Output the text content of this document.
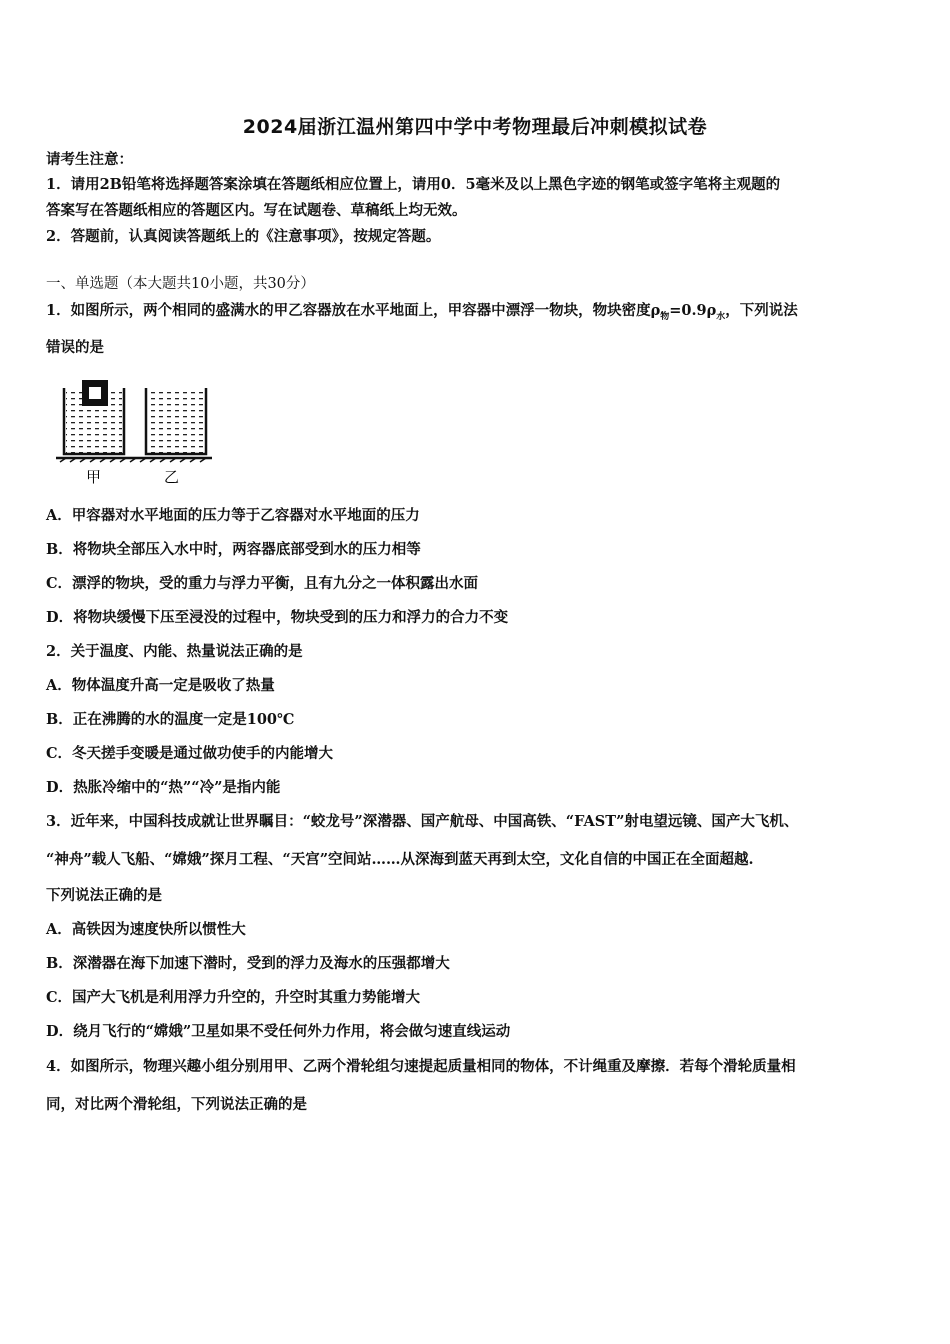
2024届浙江温州第四中学中考物理最后冲刺模拟试卷
请考生注意：
1．请用2B铅笔将选择题答案涂填在答题纸相应位置上，请用0．5毫米及以上黑色字迹的钢笔或签字笔将主观题的
答案写在答题纸相应的答题区内。写在试题卷、草稿纸上均无效。
2．答题前，认真阅读答题纸上的《注意事项》，按规定答题。
一、单选题（本大题共10小题，共30分）
1．如图所示，两个相同的盛满水的甲乙容器放在水平地面上，甲容器中漂浮一物块，物块密度$\rho_物=0.9\rho_水$，下列说法
错误的是
甲	乙
A．甲容器对水平地面的压力等于乙容器对水平地面的压力
B．将物块全部压入水中时，两容器底部受到水的压力相等
C．漂浮的物块，受的重力与浮力平衡，且有九分之一体积露出水面
D．将物块缓慢下压至浸没的过程中，物块受到的压力和浮力的合力不变
2．关于温度、内能、热量说法正确的是
A．物体温度升高一定是吸收了热量
B．正在沸腾的水的温度一定是100℃
C．冬天搓手变暖是通过做功使手的内能增大
D．热胀冷缩中的“热”“冷”是指内能
3．近年来，中国科技成就让世界瞩目：“蛟龙号”深潜器、国产航母、中国高铁、“FAST”射电望远镜、国产大飞机、
“神舟”载人飞船、“嫦娥”探月工程、“天宫”空间站……从深海到蓝天再到太空，文化自信的中国正在全面超越.
下列说法正确的是
A．高铁因为速度快所以惯性大
B．深潜器在海下加速下潜时，受到的浮力及海水的压强都增大
C．国产大飞机是利用浮力升空的，升空时其重力势能增大
D．绕月飞行的“嫦娥”卫星如果不受任何外力作用，将会做匀速直线运动
4．如图所示，物理兴趣小组分别用甲、乙两个滑轮组匀速提起质量相同的物体，不计绳重及摩擦．若每个滑轮质量相
同，对比两个滑轮组，下列说法正确的是
